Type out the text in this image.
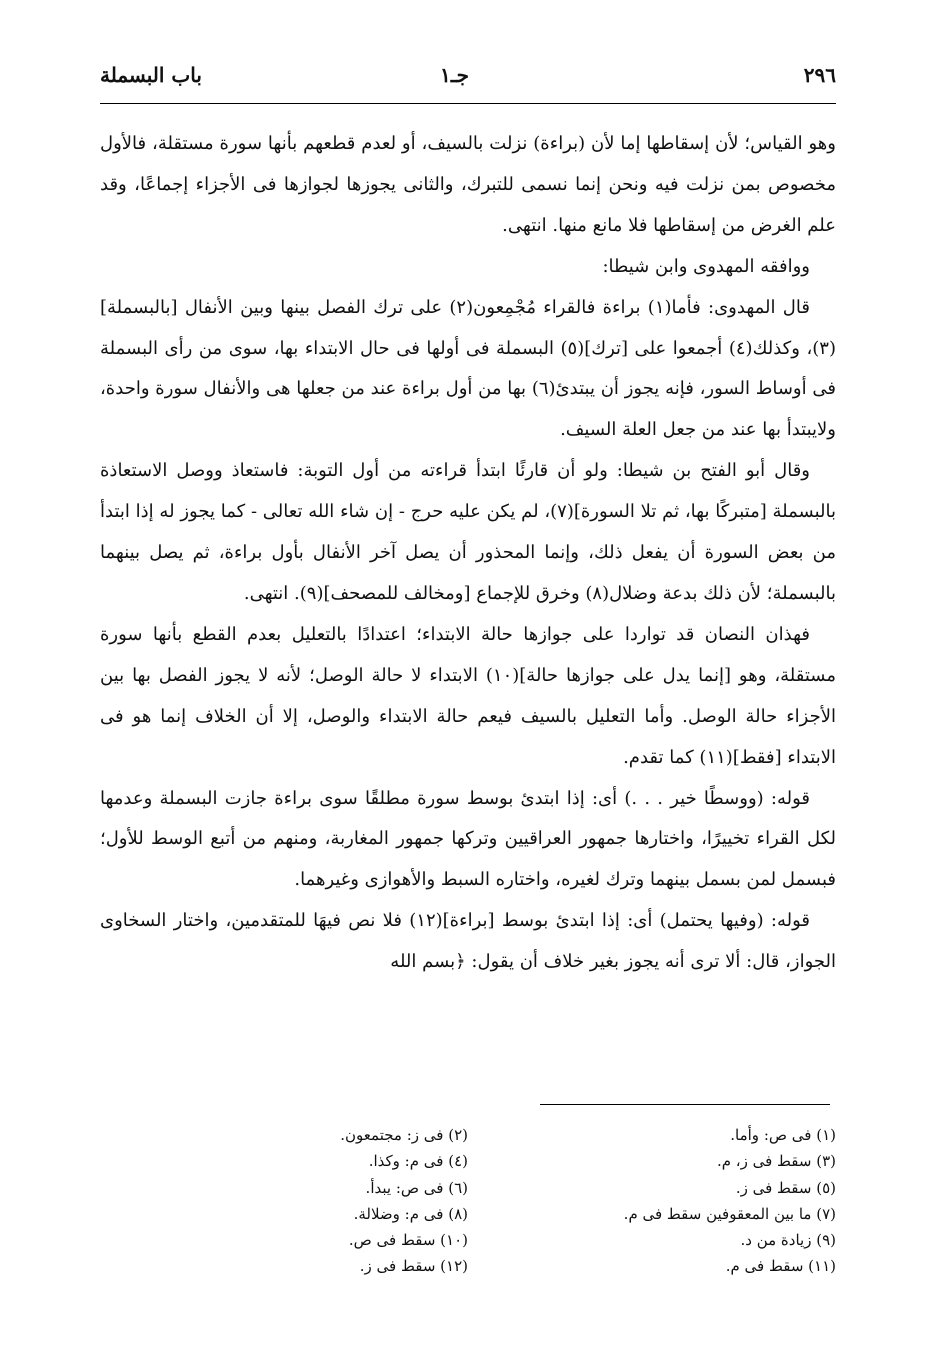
٢٩٦
جـ١
باب البسملة

وهو القياس؛ لأن إسقاطها إما لأن (براءة) نزلت بالسيف، أو لعدم قطعهم بأنها سورة مستقلة، فالأول مخصوص بمن نزلت فيه ونحن إنما نسمى للتبرك، والثانى يجوزها لجوازها فى الأجزاء إجماعًا، وقد علم الغرض من إسقاطها فلا مانع منها. انتهى.

ووافقه المهدوى وابن شيطا:

قال المهدوى: فأما(١) براءة فالقراء مُجْمِعون(٢) على ترك الفصل بينها وبين الأنفال [بالبسملة](٣)، وكذلك(٤) أجمعوا على [ترك](٥) البسملة فى أولها فى حال الابتداء بها، سوى من رأى البسملة فى أوساط السور، فإنه يجوز أن يبتدئ(٦) بها من أول براءة عند من جعلها هى والأنفال سورة واحدة، ولايبتدأ بها عند من جعل العلة السيف.

وقال أبو الفتح بن شيطا: ولو أن قارئًا ابتدأ قراءته من أول التوبة: فاستعاذ ووصل الاستعاذة بالبسملة [متبركًا بها، ثم تلا السورة](٧)، لم يكن عليه حرج - إن شاء الله تعالى - كما يجوز له إذا ابتدأ من بعض السورة أن يفعل ذلك، وإنما المحذور أن يصل آخر الأنفال بأول براءة، ثم يصل بينهما بالبسملة؛ لأن ذلك بدعة وضلال(٨) وخرق للإجماع [ومخالف للمصحف](٩). انتهى.

فهذان النصان قد تواردا على جوازها حالة الابتداء؛ اعتدادًا بالتعليل بعدم القطع بأنها سورة مستقلة، وهو [إنما يدل على جوازها حالة](١٠) الابتداء لا حالة الوصل؛ لأنه لا يجوز الفصل بها بين الأجزاء حالة الوصل. وأما التعليل بالسيف فيعم حالة الابتداء والوصل، إلا أن الخلاف إنما هو فى الابتداء [فقط](١١) كما تقدم.

قوله: (ووسطًا خير . . .) أى: إذا ابتدئ بوسط سورة مطلقًا سوى براءة جازت البسملة وعدمها لكل القراء تخييرًا، واختارها جمهور العراقيين وتركها جمهور المغاربة، ومنهم من أتبع الوسط للأول؛ فبسمل لمن بسمل بينهما وترك لغيره، واختاره السبط والأهوازى وغيرهما.

قوله: (وفيها يحتمل) أى: إذا ابتدئ بوسط [براءة](١٢) فلا نص فيهَا للمتقدمين، واختار السخاوى الجواز، قال: ألا ترى أنه يجوز بغير خلاف أن يقول: ﴿بسم الله

(١) فى ص: وأما.
(٢) فى ز: مجتمعون.
(٣) سقط فى ز، م.
(٤) فى م: وكذا.
(٥) سقط فى ز.
(٦) فى ص: يبدأ.
(٧) ما بين المعقوفين سقط فى م.
(٨) فى م: وضلالة.
(٩) زيادة من د.
(١٠) سقط فى ص.
(١١) سقط فى م.
(١٢) سقط فى ز.
